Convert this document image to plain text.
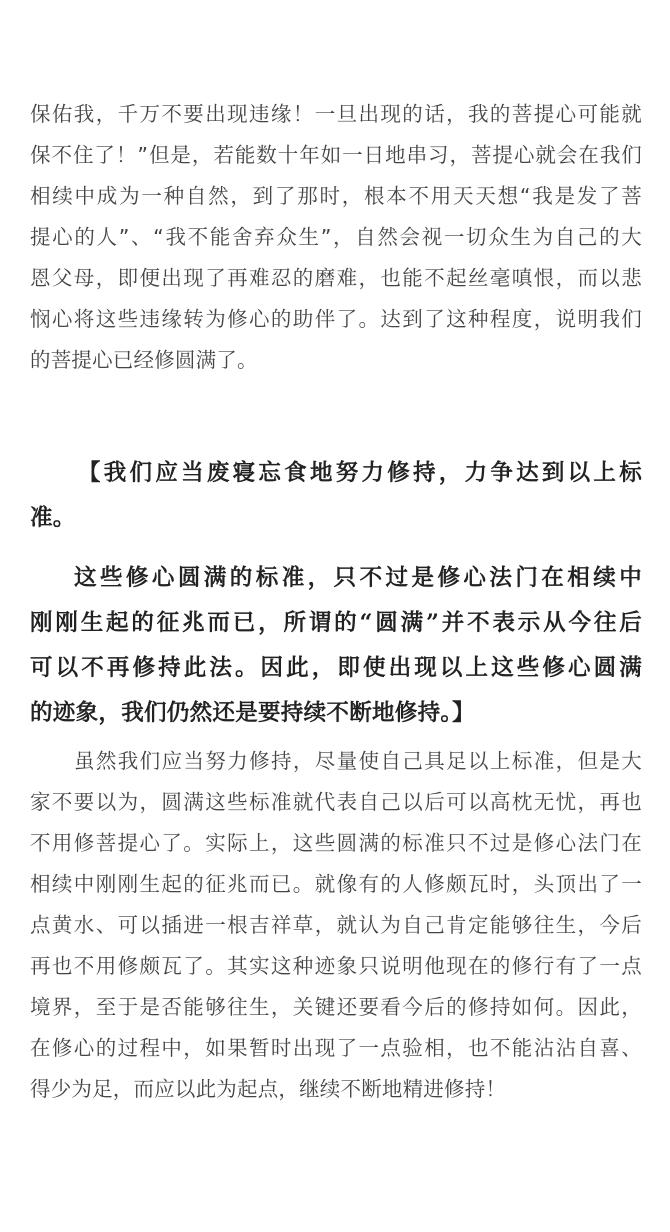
保佑我，千万不要出现违缘！一旦出现的话，我的菩提心可能就
保不住了！”但是，若能数十年如一日地串习，菩提心就会在我们
相续中成为一种自然，到了那时，根本不用天天想“我是发了菩
提心的人”、“我不能舍弃众生”，自然会视一切众生为自己的大
恩父母，即便出现了再难忍的磨难，也能不起丝毫嗔恨，而以悲
悯心将这些违缘转为修心的助伴了。达到了这种程度，说明我们
的菩提心已经修圆满了。
【我们应当废寝忘食地努力修持，力争达到以上标
准。
这些修心圆满的标准，只不过是修心法门在相续中
刚刚生起的征兆而已，所谓的“圆满”并不表示从今往后
可以不再修持此法。因此，即使出现以上这些修心圆满
的迹象，我们仍然还是要持续不断地修持。】
虽然我们应当努力修持，尽量使自己具足以上标准，但是大
家不要以为，圆满这些标准就代表自己以后可以高枕无忧，再也
不用修菩提心了。实际上，这些圆满的标准只不过是修心法门在
相续中刚刚生起的征兆而已。就像有的人修颇瓦时，头顶出了一
点黄水、可以插进一根吉祥草，就认为自己肯定能够往生，今后
再也不用修颇瓦了。其实这种迹象只说明他现在的修行有了一点
境界，至于是否能够往生，关键还要看今后的修持如何。因此，
在修心的过程中，如果暂时出现了一点验相，也不能沾沾自喜、
得少为足，而应以此为起点，继续不断地精进修持！
